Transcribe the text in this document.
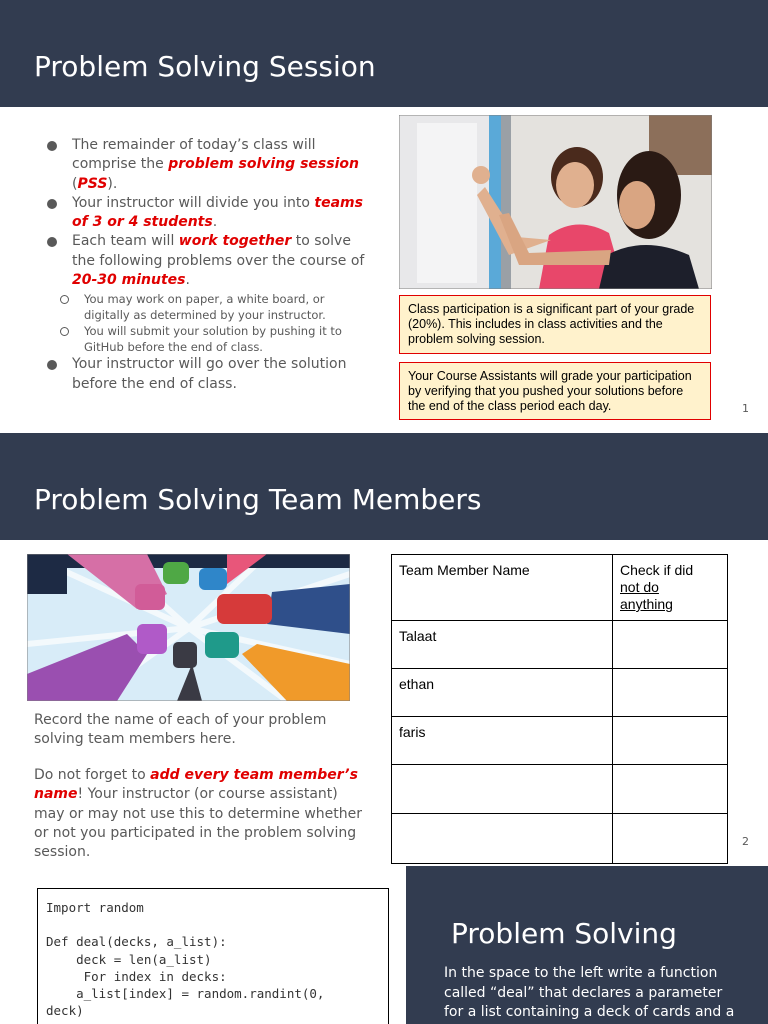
Problem Solving Session
The remainder of today’s class will comprise the problem solving session (PSS).
Your instructor will divide you into teams of 3 or 4 students.
Each team will work together to solve the following problems over the course of 20-30 minutes.
You may work on paper, a white board, or digitally as determined by your instructor.
You will submit your solution by pushing it to GitHub before the end of class.
Your instructor will go over the solution before the end of class.
Class participation is a significant part of your grade (20%). This includes in class activities and the problem solving session.
Your Course Assistants will grade your participation by verifying that you pushed your solutions before the end of the class period each day.	1
Problem Solving Team Members
Record the name of each of your problem solving team members here.
Do not forget to add every team member’s name! Your instructor (or course assistant) may or may not use this to determine whether or not you participated in the problem solving session.
Team Member Name	Check if did
not do
anything
Talaat	
ethan	
faris	

2
Import random

Def deal(decks, a_list):
deck = len(a_list)
For index in decks:
a_list[index] = random.randint(0,
deck)
Problem Solving
In the space to the left write a function called “deal” that declares a parameter for a list containing a deck of cards and a
